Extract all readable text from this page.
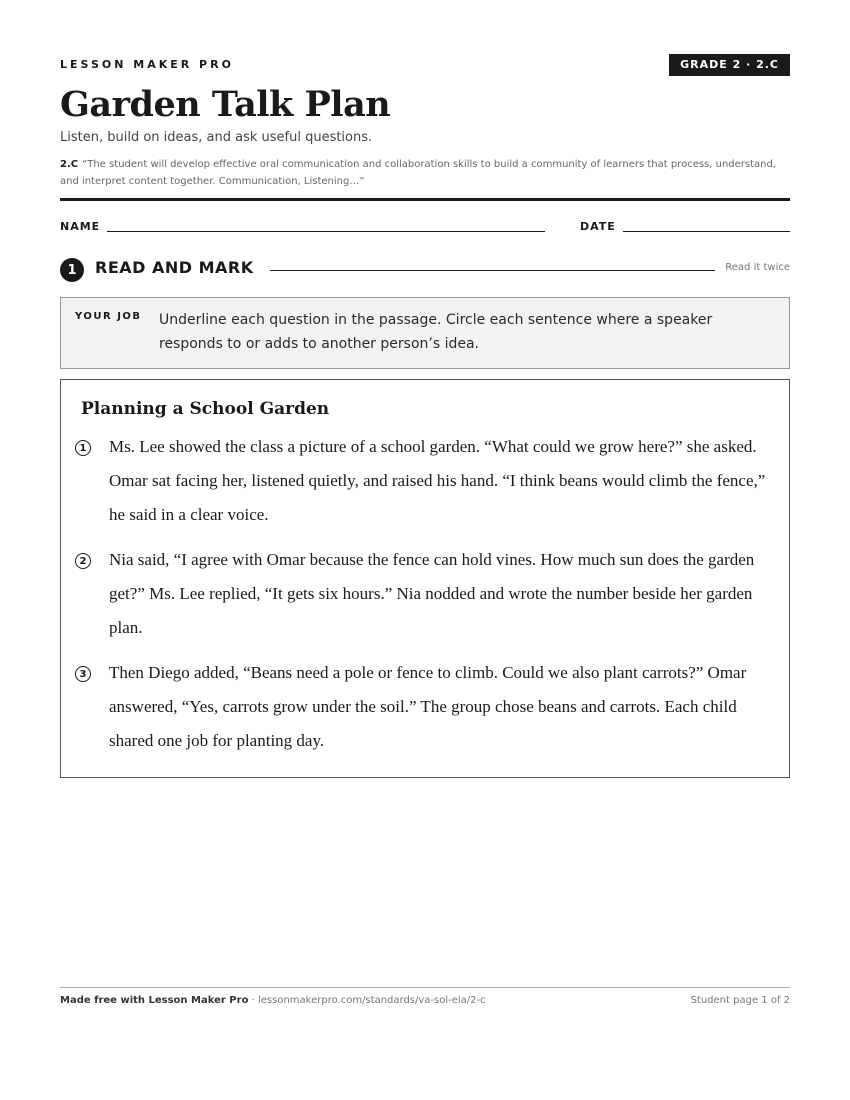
LESSON MAKER PRO	GRADE 2 · 2.C
Garden Talk Plan
Listen, build on ideas, and ask useful questions.
2.C “The student will develop effective oral communication and collaboration skills to build a community of learners that process, understand, and interpret content together. Communication, Listening…”
NAME	DATE
1	READ AND MARK	Read it twice
YOUR JOB Underline each question in the passage. Circle each sentence where a speaker responds to or adds to another person’s idea.
Planning a School Garden
1 Ms. Lee showed the class a picture of a school garden. “What could we grow here?” she asked. Omar sat facing her, listened quietly, and raised his hand. “I think beans would climb the fence,” he said in a clear voice.
2 Nia said, “I agree with Omar because the fence can hold vines. How much sun does the garden get?” Ms. Lee replied, “It gets six hours.” Nia nodded and wrote the number beside her garden plan.
3 Then Diego added, “Beans need a pole or fence to climb. Could we also plant carrots?” Omar answered, “Yes, carrots grow under the soil.” The group chose beans and carrots. Each child shared one job for planting day.
Made free with Lesson Maker Pro · lessonmakerpro.com/standards/va-sol-ela/2-c	Student page 1 of 2
